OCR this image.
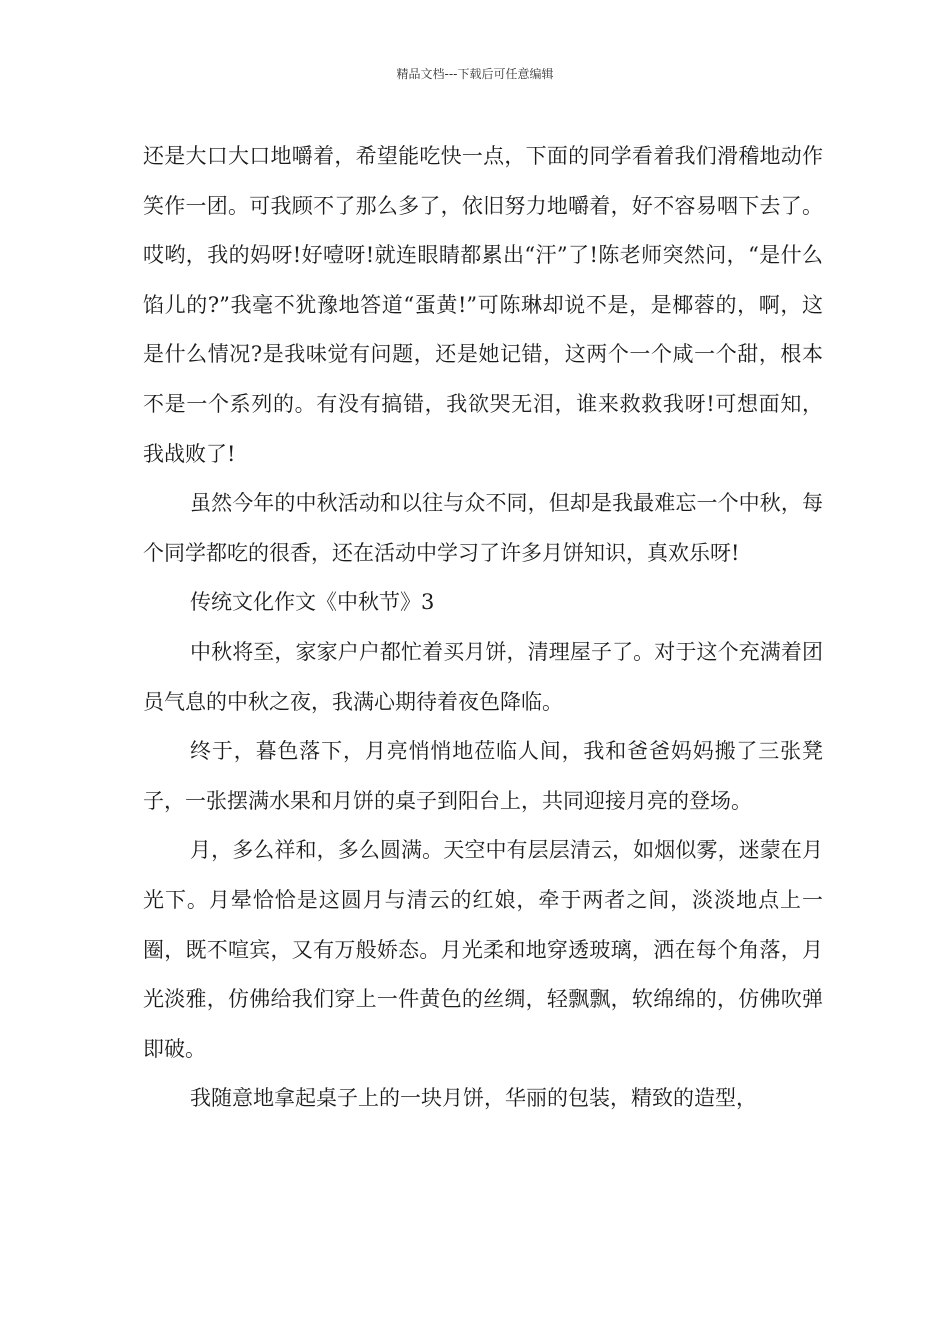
精品文档---下载后可任意编辑

还是大口大口地嚼着，希望能吃快一点，下面的同学看着我们滑稽地动作笑作一团。可我顾不了那么多了，依旧努力地嚼着，好不容易咽下去了。哎哟，我的妈呀!好噎呀!就连眼睛都累出“汗”了!陈老师突然问，“是什么馅儿的?”我毫不犹豫地答道“蛋黄!”可陈琳却说不是，是椰蓉的，啊，这是什么情况?是我味觉有问题，还是她记错，这两个一个咸一个甜，根本不是一个系列的。有没有搞错，我欲哭无泪，谁来救救我呀!可想面知，我战败了!

虽然今年的中秋活动和以往与众不同，但却是我最难忘一个中秋，每个同学都吃的很香，还在活动中学习了许多月饼知识，真欢乐呀!

传统文化作文《中秋节》3

中秋将至，家家户户都忙着买月饼，清理屋子了。对于这个充满着团员气息的中秋之夜，我满心期待着夜色降临。

终于，暮色落下，月亮悄悄地莅临人间，我和爸爸妈妈搬了三张凳子，一张摆满水果和月饼的桌子到阳台上，共同迎接月亮的登场。

月，多么祥和，多么圆满。天空中有层层清云，如烟似雾，迷蒙在月光下。月晕恰恰是这圆月与清云的红娘，牵于两者之间，淡淡地点上一圈，既不喧宾，又有万般娇态。月光柔和地穿透玻璃，洒在每个角落，月光淡雅，仿佛给我们穿上一件黄色的丝绸，轻飘飘，软绵绵的，仿佛吹弹即破。

我随意地拿起桌子上的一块月饼，华丽的包装，精致的造型，
